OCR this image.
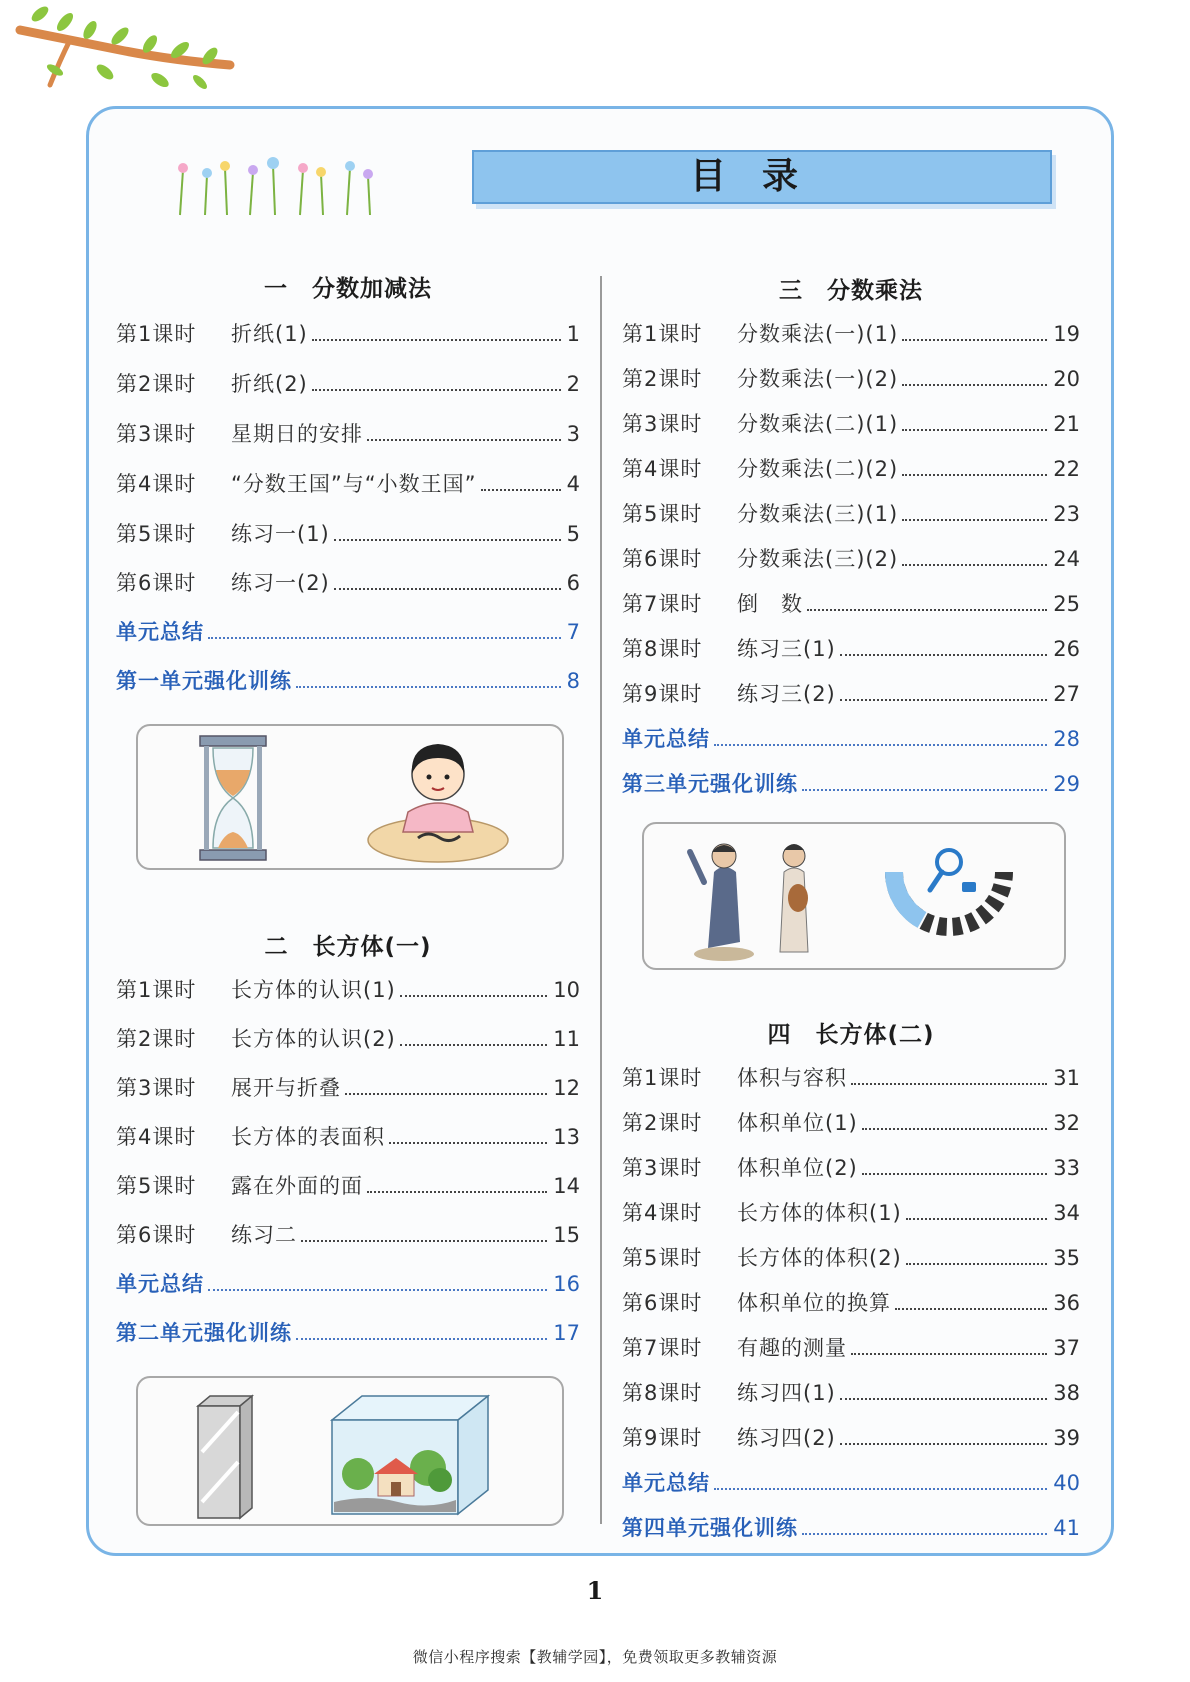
目录
一 分数加减法
第1课时	折纸(1)	1
第2课时	折纸(2)	2
第3课时	星期日的安排	3
第4课时	“分数王国”与“小数王国”	4
第5课时	练习一(1)	5
第6课时	练习一(2)	6
单元总结	7
第一单元强化训练	8
二 长方体(一)
第1课时	长方体的认识(1)	10
第2课时	长方体的认识(2)	11
第3课时	展开与折叠	12
第4课时	长方体的表面积	13
第5课时	露在外面的面	14
第6课时	练习二	15
单元总结	16
第二单元强化训练	17
三 分数乘法
第1课时	分数乘法(一)(1)	19
第2课时	分数乘法(一)(2)	20
第3课时	分数乘法(二)(1)	21
第4课时	分数乘法(二)(2)	22
第5课时	分数乘法(三)(1)	23
第6课时	分数乘法(三)(2)	24
第7课时	倒　数	25
第8课时	练习三(1)	26
第9课时	练习三(2)	27
单元总结	28
第三单元强化训练	29
四 长方体(二)
第1课时	体积与容积	31
第2课时	体积单位(1)	32
第3课时	体积单位(2)	33
第4课时	长方体的体积(1)	34
第5课时	长方体的体积(2)	35
第6课时	体积单位的换算	36
第7课时	有趣的测量	37
第8课时	练习四(1)	38
第9课时	练习四(2)	39
单元总结	40
第四单元强化训练	41
1
微信小程序搜索【教辅学园】，免费领取更多教辅资源
